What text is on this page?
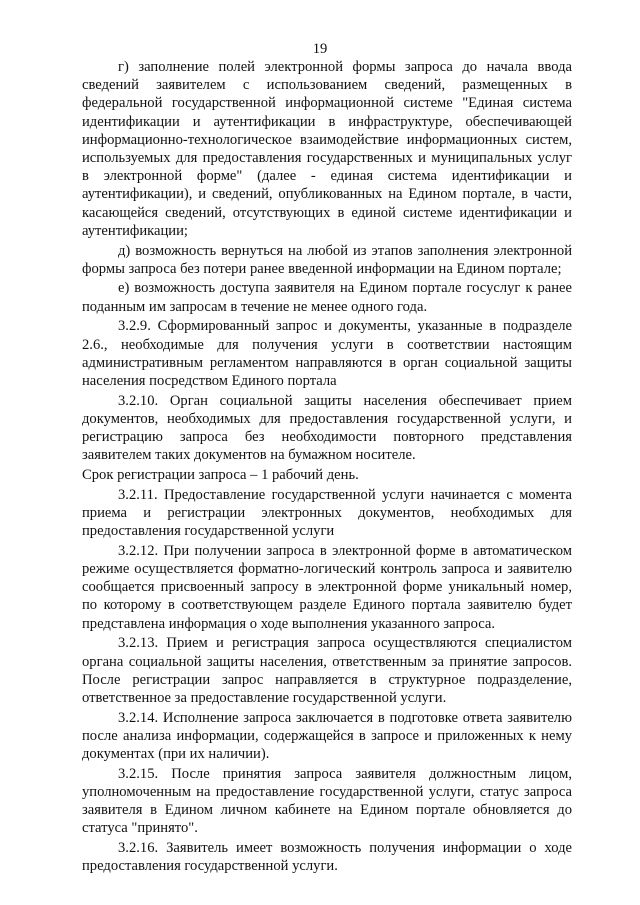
19

г) заполнение полей электронной формы запроса до начала ввода сведений заявителем с использованием сведений, размещенных в федеральной государственной информационной системе "Единая система идентификации и аутентификации в инфраструктуре, обеспечивающей информационно-технологическое взаимодействие информационных систем, используемых для предоставления государственных и муниципальных услуг в электронной форме" (далее - единая система идентификации и аутентификации), и сведений, опубликованных на Едином портале, в части, касающейся сведений, отсутствующих в единой системе идентификации и аутентификации;

д) возможность вернуться на любой из этапов заполнения электронной формы запроса без потери ранее введенной информации на Едином портале;

е) возможность доступа заявителя на Едином портале госуслуг к ранее поданным им запросам в течение не менее одного года.

3.2.9. Сформированный запрос и документы, указанные в подразделе 2.6., необходимые для получения услуги в соответствии настоящим административным регламентом направляются в орган социальной защиты населения посредством Единого портала

3.2.10. Орган социальной защиты населения обеспечивает прием документов, необходимых для предоставления государственной услуги, и регистрацию запроса без необходимости повторного представления заявителем таких документов на бумажном носителе.

Срок регистрации запроса – 1 рабочий день.

3.2.11. Предоставление государственной услуги начинается с момента приема и регистрации электронных документов, необходимых для предоставления государственной услуги

3.2.12. При получении запроса в электронной форме в автоматическом режиме осуществляется форматно-логический контроль запроса и заявителю сообщается присвоенный запросу в электронной форме уникальный номер, по которому в соответствующем разделе Единого портала заявителю будет представлена информация о ходе выполнения указанного запроса.

3.2.13. Прием и регистрация запроса осуществляются специалистом органа социальной защиты населения, ответственным за принятие запросов. После регистрации запрос направляется в структурное подразделение, ответственное за предоставление государственной услуги.

3.2.14. Исполнение запроса заключается в подготовке ответа заявителю после анализа информации, содержащейся в запросе и приложенных к нему документах (при их наличии).

3.2.15. После принятия запроса заявителя должностным лицом, уполномоченным на предоставление государственной услуги, статус запроса заявителя в Едином личном кабинете на Едином портале обновляется до статуса "принято".

3.2.16. Заявитель имеет возможность получения информации о ходе предоставления государственной услуги.
